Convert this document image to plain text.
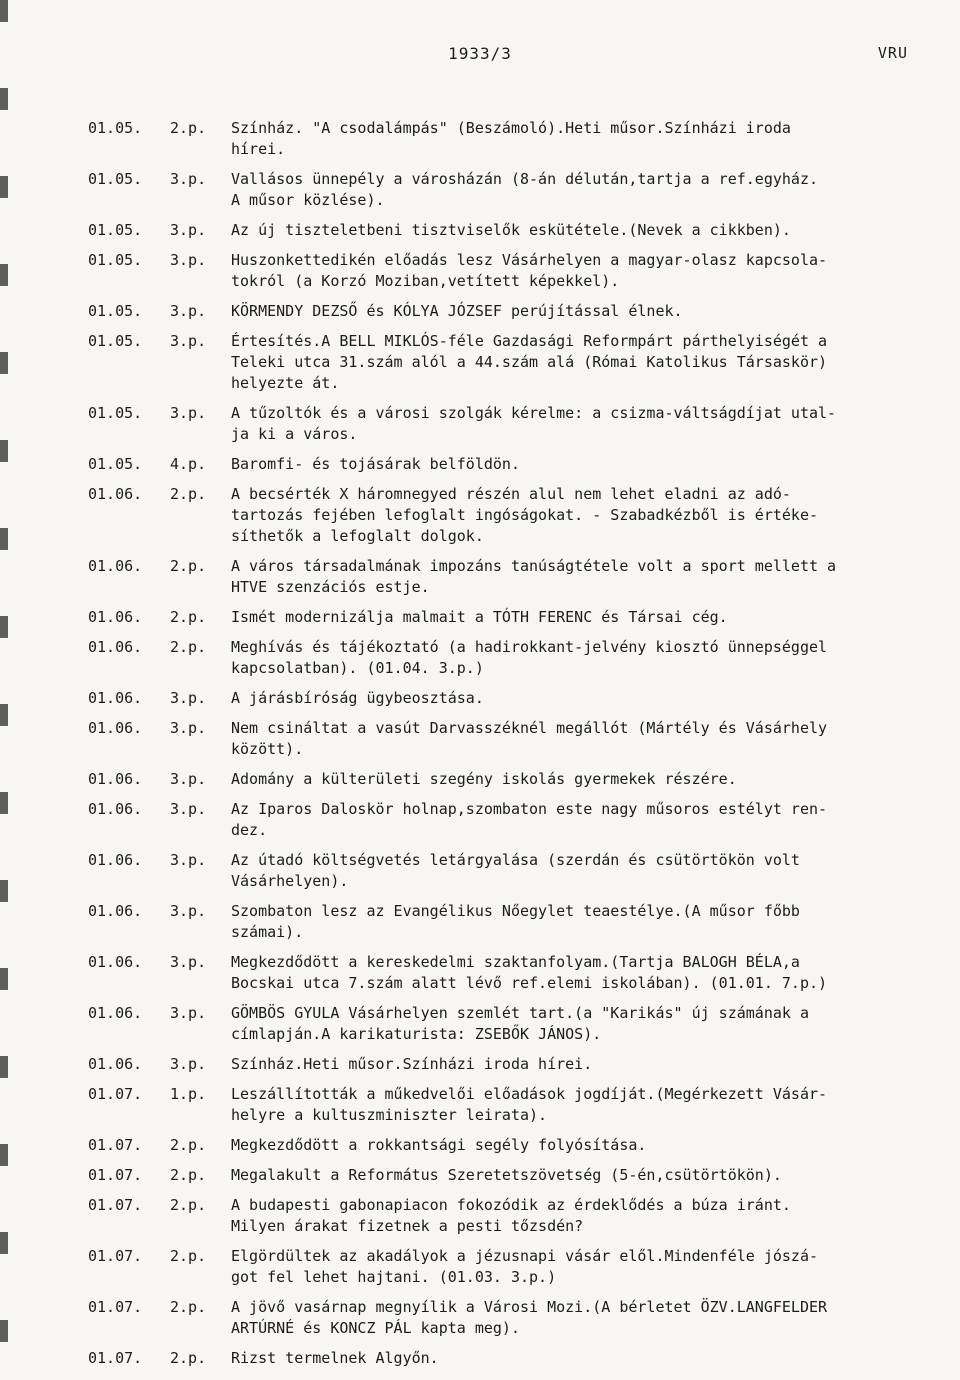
1933/3	VRU
01.05. 2.p. Színház. "A csodalámpás" (Beszámoló).Heti műsor.Színházi iroda
hírei.
01.05. 3.p. Vallásos ünnepély a városházán (8-án délután,tartja a ref.egyház.
A műsor közlése).
01.05. 3.p. Az új tiszteletbeni tisztviselők eskütétele.(Nevek a cikkben).
01.05. 3.p. Huszonkettedikén előadás lesz Vásárhelyen a magyar-olasz kapcsola-
tokról (a Korzó Moziban,vetített képekkel).
01.05. 3.p. KÖRMENDY DEZSŐ és KÓLYA JÓZSEF perújítással élnek.
01.05. 3.p. Értesítés.A BELL MIKLÓS-féle Gazdasági Reformpárt párthelyiségét a
Teleki utca 31.szám alól a 44.szám alá (Római Katolikus Társaskör)
helyezte át.
01.05. 3.p. A tűzoltók és a városi szolgák kérelme: a csizma-váltságdíjat utal-
ja ki a város.
01.05. 4.p. Baromfi- és tojásárak belföldön.
01.06. 2.p. A becsérték X háromnegyed részén alul nem lehet eladni az adó-
tartozás fejében lefoglalt ingóságokat. - Szabadkézből is értéke-
síthetők a lefoglalt dolgok.
01.06. 2.p. A város társadalmának impozáns tanúságtétele volt a sport mellett a
HTVE szenzációs estje.
01.06. 2.p. Ismét modernizálja malmait a TÓTH FERENC és Társai cég.
01.06. 2.p. Meghívás és tájékoztató (a hadirokkant-jelvény kiosztó ünnepséggel
kapcsolatban). (01.04. 3.p.)
01.06. 3.p. A járásbíróság ügybeosztása.
01.06. 3.p. Nem csináltat a vasút Darvasszéknél megállót (Mártély és Vásárhely
között).
01.06. 3.p. Adomány a külterületi szegény iskolás gyermekek részére.
01.06. 3.p. Az Iparos Daloskör holnap,szombaton este nagy műsoros estélyt ren-
dez.
01.06. 3.p. Az útadó költségvetés letárgyalása (szerdán és csütörtökön volt
Vásárhelyen).
01.06. 3.p. Szombaton lesz az Evangélikus Nőegylet teaestélye.(A műsor főbb
számai).
01.06. 3.p. Megkezdődött a kereskedelmi szaktanfolyam.(Tartja BALOGH BÉLA,a
Bocskai utca 7.szám alatt lévő ref.elemi iskolában). (01.01. 7.p.)
01.06. 3.p. GÖMBÖS GYULA Vásárhelyen szemlét tart.(a "Karikás" új számának a
címlapján.A karikaturista: ZSEBŐK JÁNOS).
01.06. 3.p. Színház.Heti műsor.Színházi iroda hírei.
01.07. 1.p. Leszállították a műkedvelői előadások jogdíját.(Megérkezett Vásár-
helyre a kultuszminiszter leirata).
01.07. 2.p. Megkezdődött a rokkantsági segély folyósítása.
01.07. 2.p. Megalakult a Református Szeretetszövetség (5-én,csütörtökön).
01.07. 2.p. A budapesti gabonapiacon fokozódik az érdeklődés a búza iránt.
Milyen árakat fizetnek a pesti tőzsdén?
01.07. 2.p. Elgördültek az akadályok a jézusnapi vásár elől.Mindenféle jószá-
got fel lehet hajtani. (01.03. 3.p.)
01.07. 2.p. A jövő vasárnap megnyílik a Városi Mozi.(A bérletet ÖZV.LANGFELDER
ARTÚRNÉ és KONCZ PÁL kapta meg).
01.07. 2.p. Rizst termelnek Algyőn.
